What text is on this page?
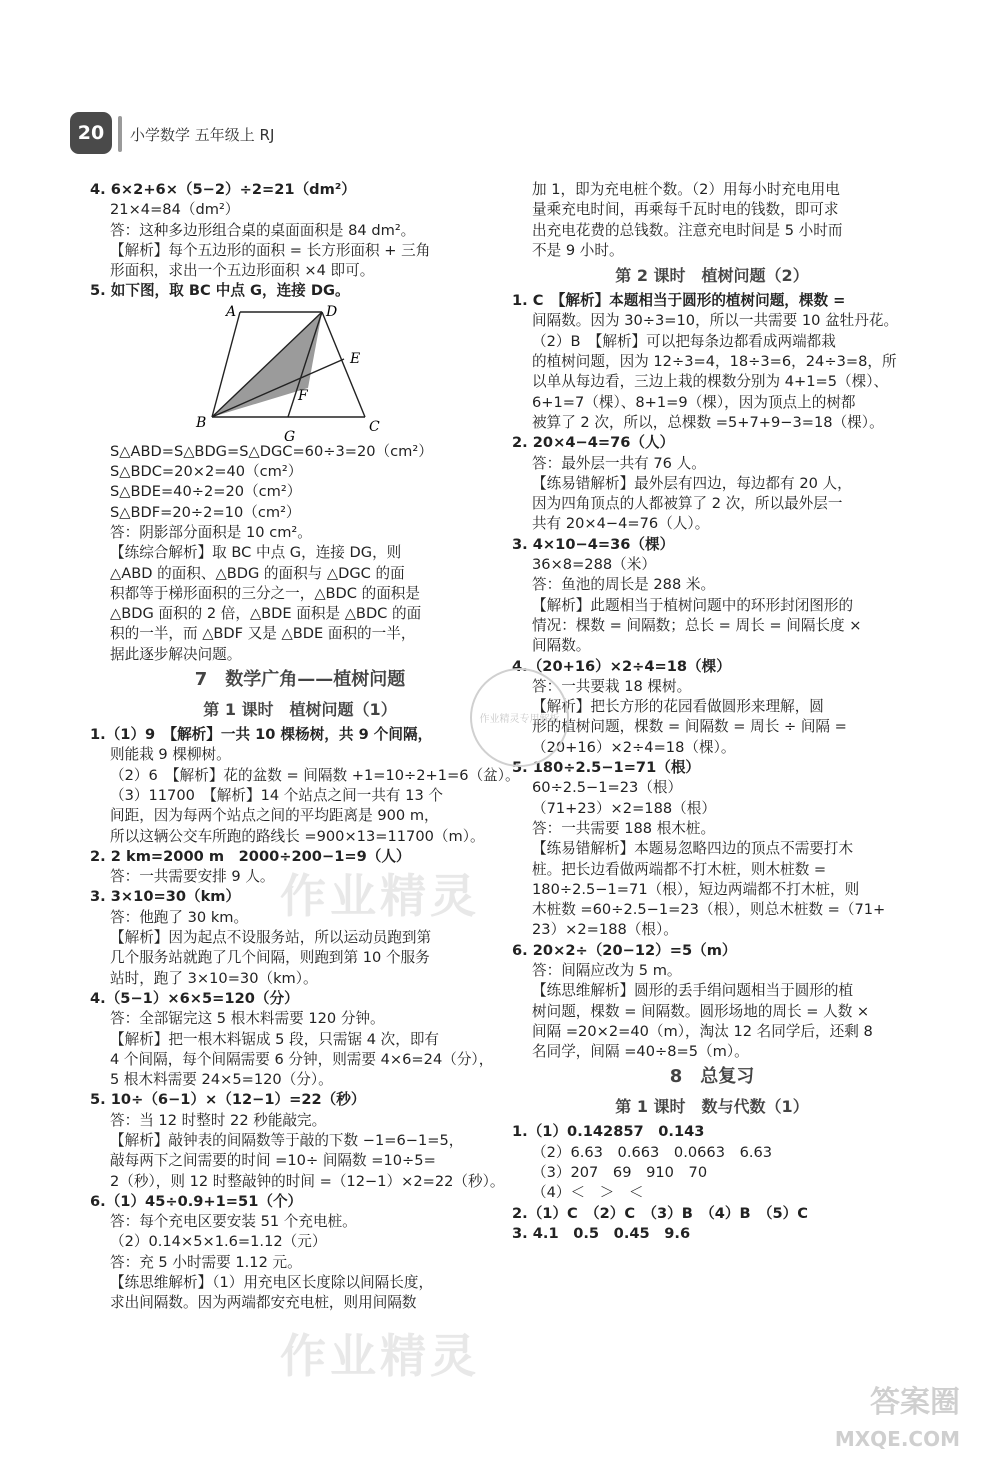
20	小学数学 五年级上 RJ
4. 6×2+6×（5−2）÷2=21（dm²）
21×4=84（dm²）
答：这种多边形组合桌的桌面面积是 84 dm²。
【解析】每个五边形的面积 = 长方形面积 + 三角
形面积，求出一个五边形面积 ×4 即可。
5. 如下图，取 BC 中点 G，连接 DG。
A	D
B	C
E
F
G
S△ABD=S△BDG=S△DGC=60÷3=20（cm²）
S△BDC=20×2=40（cm²）
S△BDE=40÷2=20（cm²）
S△BDF=20÷2=10（cm²）
答：阴影部分面积是 10 cm²。
【练综合解析】取 BC 中点 G，连接 DG，则
△ABD 的面积、△BDG 的面积与 △DGC 的面
积都等于梯形面积的三分之一，△BDC 的面积是
△BDG 面积的 2 倍，△BDE 面积是 △BDC 的面
积的一半，而 △BDF 又是 △BDE 面积的一半，
据此逐步解决问题。
7　数学广角——植树问题
第 1 课时　植树问题（1）
1.（1）9　【解析】一共 10 棵杨树，共 9 个间隔，
则能栽 9 棵柳树。
（2）6　【解析】花的盆数 = 间隔数 +1=10÷2+1=6（盆）。
（3）11700　【解析】14 个站点之间一共有 13 个
间距，因为每两个站点之间的平均距离是 900 m，
所以这辆公交车所跑的路线长 =900×13=11700（m）。
2. 2 km=2000 m　2000÷200−1=9（人）
答：一共需要安排 9 人。
3. 3×10=30（km）
答：他跑了 30 km。
【解析】因为起点不设服务站，所以运动员跑到第
几个服务站就跑了几个间隔，则跑到第 10 个服务
站时，跑了 3×10=30（km）。
4.（5−1）×6×5=120（分）
答：全部锯完这 5 根木料需要 120 分钟。
【解析】把一根木料锯成 5 段，只需锯 4 次，即有
4 个间隔，每个间隔需要 6 分钟，则需要 4×6=24（分），
5 根木料需要 24×5=120（分）。
5. 10÷（6−1）×（12−1）=22（秒）
答：当 12 时整时 22 秒能敲完。
【解析】敲钟表的间隔数等于敲的下数 −1=6−1=5，
敲每两下之间需要的时间 =10÷ 间隔数 =10÷5=
2（秒），则 12 时整敲钟的时间 =（12−1）×2=22（秒）。
6.（1）45÷0.9+1=51（个）
答：每个充电区要安装 51 个充电桩。
（2）0.14×5×1.6=1.12（元）
答：充 5 小时需要 1.12 元。
【练思维解析】（1）用充电区长度除以间隔长度，
求出间隔数。因为两端都安充电桩，则用间隔数
加 1，即为充电桩个数。（2）用每小时充电用电
量乘充电时间，再乘每千瓦时电的钱数，即可求
出充电花费的总钱数。注意充电时间是 5 小时而
不是 9 小时。
第 2 课时　植树问题（2）
1. C　【解析】本题相当于圆形的植树问题，棵数 =
间隔数。因为 30÷3=10，所以一共需要 10 盆牡丹花。
（2）B　【解析】可以把每条边都看成两端都栽
的植树问题，因为 12÷3=4，18÷3=6，24÷3=8，所
以单从每边看，三边上栽的棵数分别为 4+1=5（棵）、
6+1=7（棵）、8+1=9（棵），因为顶点上的树都
被算了 2 次，所以，总棵数 =5+7+9−3=18（棵）。
2. 20×4−4=76（人）
答：最外层一共有 76 人。
【练易错解析】最外层有四边，每边都有 20 人，
因为四角顶点的人都被算了 2 次，所以最外层一
共有 20×4−4=76（人）。
3. 4×10−4=36（棵）
36×8=288（米）
答：鱼池的周长是 288 米。
【解析】此题相当于植树问题中的环形封闭图形的
情况：棵数 = 间隔数；总长 = 周长 = 间隔长度 ×
间隔数。
4.（20+16）×2÷4=18（棵）
答：一共要栽 18 棵树。
【解析】把长方形的花园看做圆形来理解，圆
形的植树问题，棵数 = 间隔数 = 周长 ÷ 间隔 =
（20+16）×2÷4=18（棵）。
5. 180÷2.5−1=71（根）
60÷2.5−1=23（根）
（71+23）×2=188（根）
答：一共需要 188 根木桩。
【练易错解析】本题易忽略四边的顶点不需要打木
桩。把长边看做两端都不打木桩，则木桩数 =
180÷2.5−1=71（根），短边两端都不打木桩，则
木桩数 =60÷2.5−1=23（根），则总木桩数 =（71+
23）×2=188（根）。
6. 20×2÷（20−12）=5（m）
答：间隔应改为 5 m。
【练思维解析】圆形的丢手绢问题相当于圆形的植
树问题，棵数 = 间隔数。圆形场地的周长 = 人数 ×
间隔 =20×2=40（m），淘汰 12 名同学后，还剩 8
名同学，间隔 =40÷8=5（m）。
8　总复习
第 1 课时　数与代数（1）
1.（1）0.142857　0.143
（2）6.63　0.663　0.0663　6.63
（3）207　69　910　70
（4）＜　＞　＜
2.（1）C　（2）C　（3）B　（4）B　（5）C
3. 4.1　0.5　0.45　9.6
作业精灵
作业精灵
作业精灵专用解析
答案圈
MXQE.COM
